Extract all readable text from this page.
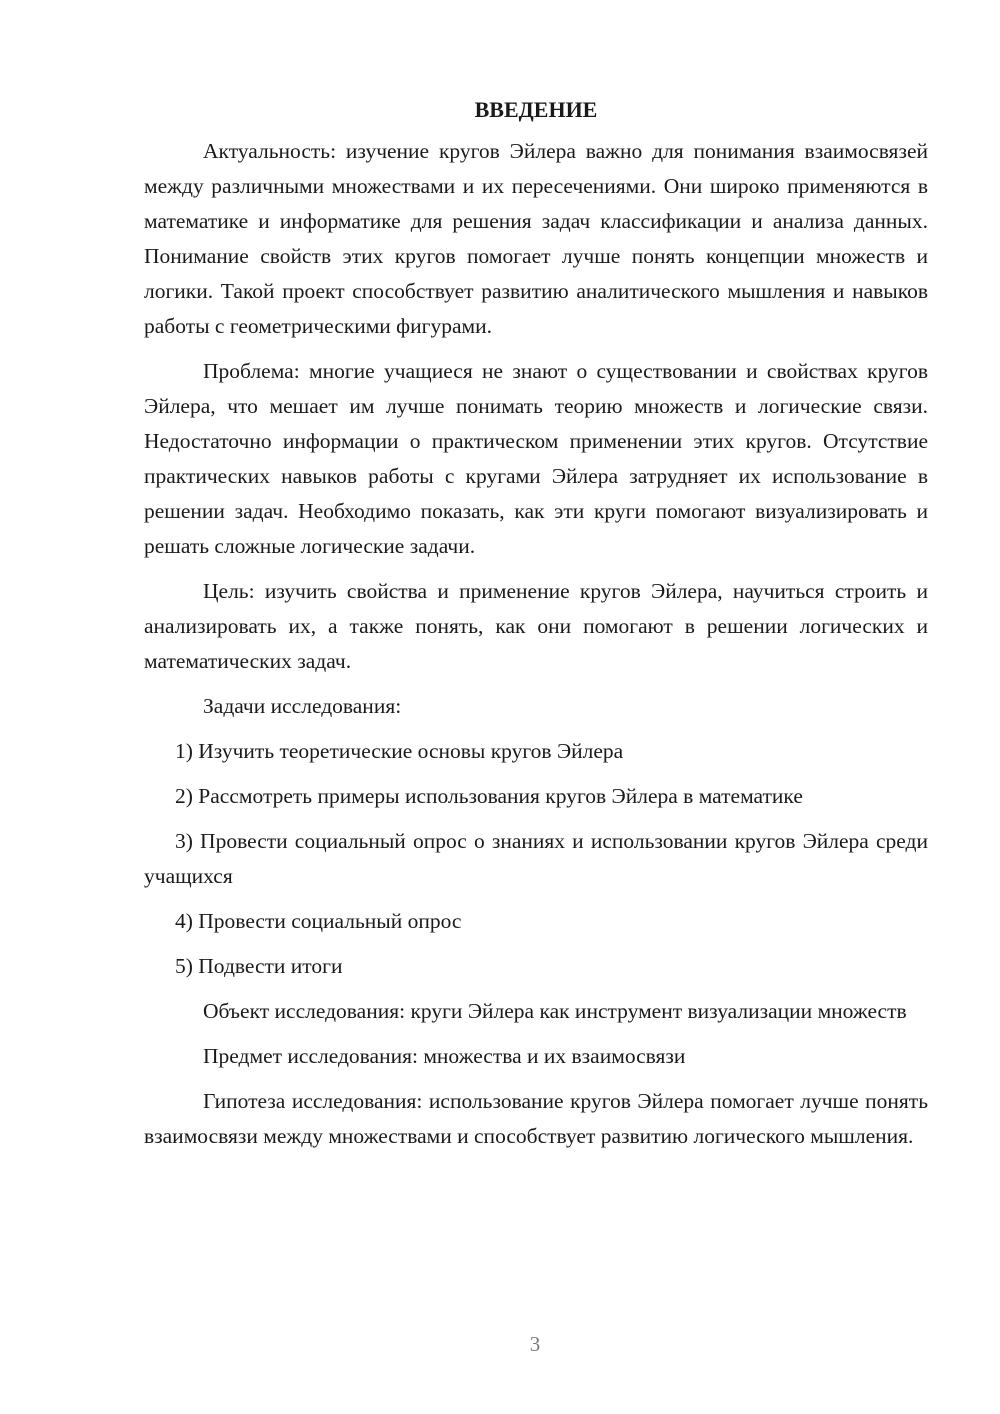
ВВЕДЕНИЕ

Актуальность: изучение кругов Эйлера важно для понимания взаимосвязей между различными множествами и их пересечениями. Они широко применяются в математике и информатике для решения задач классификации и анализа данных. Понимание свойств этих кругов помогает лучше понять концепции множеств и логики. Такой проект способствует развитию аналитического мышления и навыков работы с геометрическими фигурами.

Проблема: многие учащиеся не знают о существовании и свойствах кругов Эйлера, что мешает им лучше понимать теорию множеств и логические связи. Недостаточно информации о практическом применении этих кругов. Отсутствие практических навыков работы с кругами Эйлера затрудняет их использование в решении задач. Необходимо показать, как эти круги помогают визуализировать и решать сложные логические задачи.

Цель: изучить свойства и применение кругов Эйлера, научиться строить и анализировать их, а также понять, как они помогают в решении логических и математических задач.

Задачи исследования:

1) Изучить теоретические основы кругов Эйлера

2) Рассмотреть примеры использования кругов Эйлера в математике

3) Провести социальный опрос о знаниях и использовании кругов Эйлера среди учащихся

4) Провести социальный опрос

5) Подвести итоги

Объект исследования: круги Эйлера как инструмент визуализации множеств

Предмет исследования: множества и их взаимосвязи

Гипотеза исследования: использование кругов Эйлера помогает лучше понять взаимосвязи между множествами и способствует развитию логического мышления.

3
